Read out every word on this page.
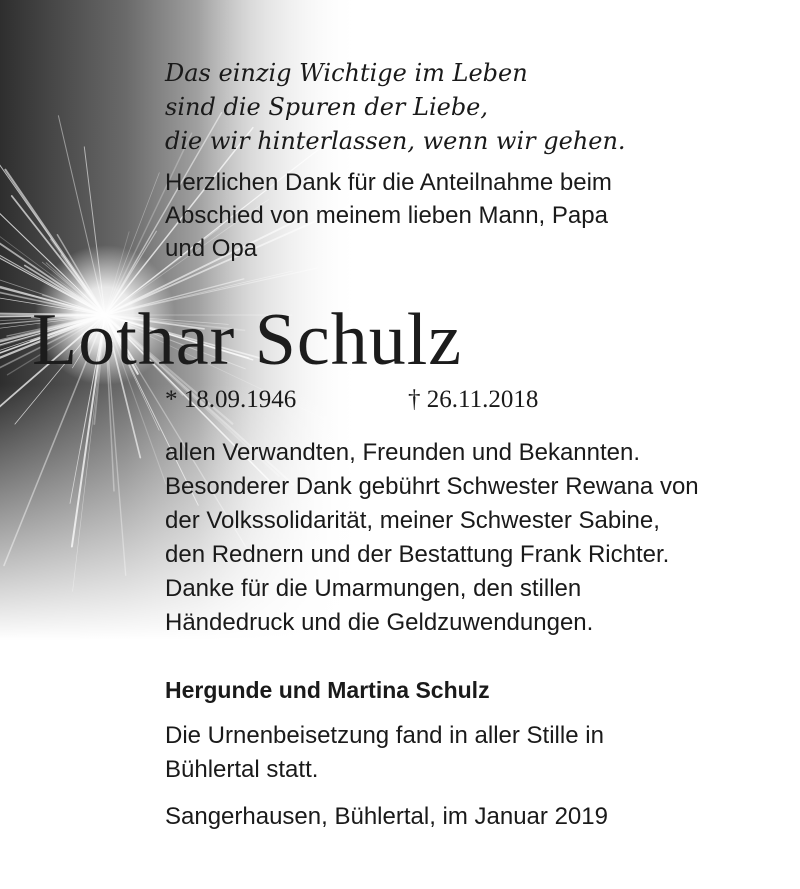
Das einzig Wichtige im Leben
sind die Spuren der Liebe,
die wir hinterlassen, wenn wir gehen.
Herzlichen Dank für die Anteilnahme beim
Abschied von meinem lieben Mann, Papa
und Opa
Lothar Schulz
* 18.09.1946	† 26.11.2018
allen Verwandten, Freunden und Bekannten.
Besonderer Dank gebührt Schwester Rewana von
der Volkssolidarität, meiner Schwester Sabine,
den Rednern und der Bestattung Frank Richter.
Danke für die Umarmungen, den stillen
Händedruck und die Geldzuwendungen.
Hergunde und Martina Schulz
Die Urnenbeisetzung fand in aller Stille in
Bühlertal statt.
Sangerhausen, Bühlertal, im Januar 2019
